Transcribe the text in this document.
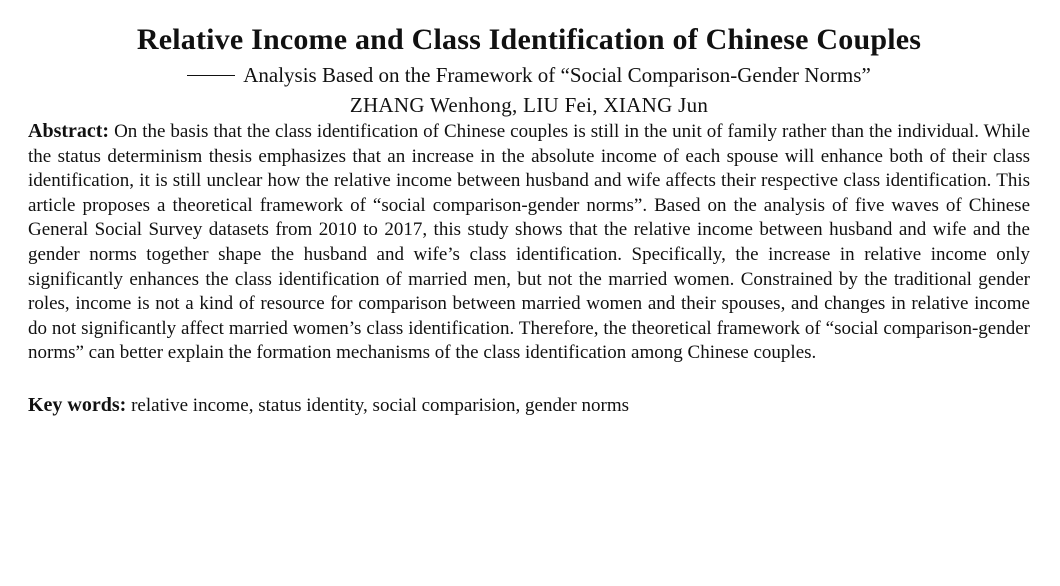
Relative Income and Class Identification of Chinese Couples
Analysis Based on the Framework of “Social Comparison-Gender Norms”
ZHANG Wenhong, LIU Fei, XIANG Jun

Abstract: On the basis that the class identification of Chinese couples is still in the unit of family rather than the individual. While the status determinism thesis emphasizes that an increase in the absolute income of each spouse will enhance both of their class identification, it is still unclear how the relative income between husband and wife affects their respective class identification. This article proposes a theoretical framework of “social comparison-gender norms”. Based on the analysis of five waves of Chinese General Social Survey datasets from 2010 to 2017, this study shows that the relative income between husband and wife and the gender norms together shape the husband and wife’s class identification. Specifically, the increase in relative income only significantly enhances the class identification of married men, but not the married women. Constrained by the traditional gender roles, income is not a kind of resource for comparison between married women and their spouses, and changes in relative income do not significantly affect married women’s class identification. Therefore, the theoretical framework of “social comparison-gender norms” can better explain the formation mechanisms of the class identification among Chinese couples.

Key words: relative income, status identity, social comparision, gender norms
